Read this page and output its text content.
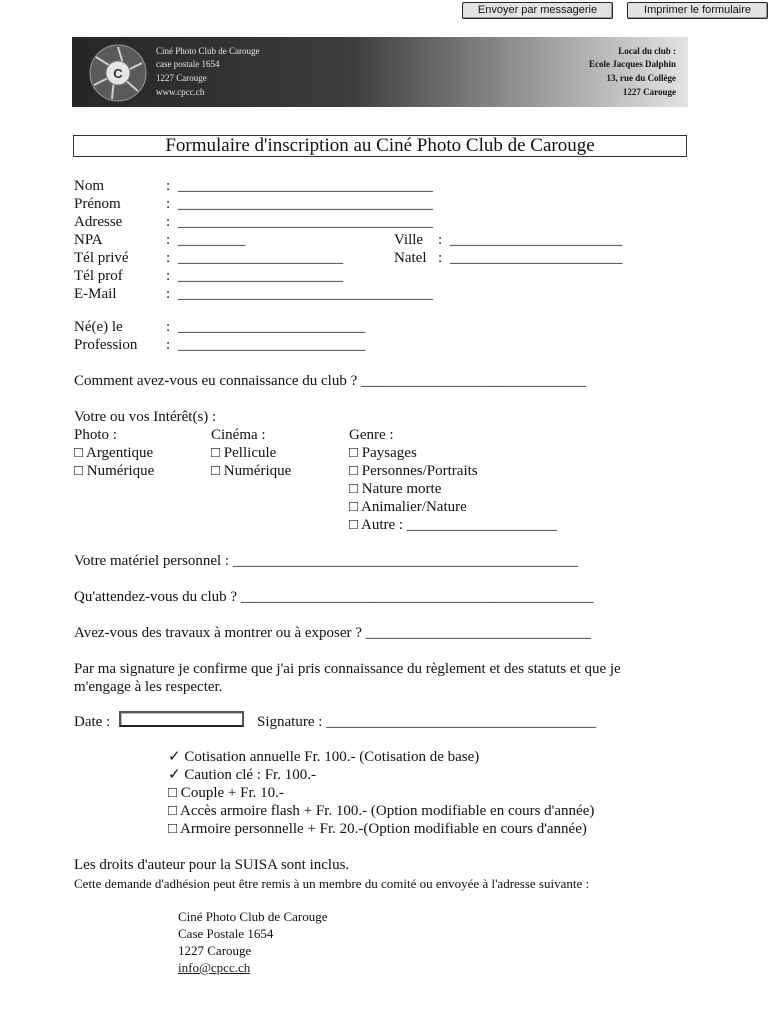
Envoyer par messagerie	Imprimer le formulaire
C
Ciné Photo Club de Carouge
case postale 1654
1227 Carouge
www.cpcc.ch
Local du club :
Ecole Jacques Dalphin
13, rue du Collège
1227 Carouge
Formulaire d'inscription au Ciné Photo Club de Carouge
Nom	: __________________________________
Prénom	: __________________________________
Adresse	: __________________________________
NPA	: _________	Ville : _______________________
Tél privé : ______________________	Natel : _______________________
Tél prof	: ______________________
E-Mail	: __________________________________
Né(e) le	: _________________________
Profession : _________________________
Comment avez-vous eu connaissance du club ? ______________________________
Votre ou vos Intérêt(s) :
Photo :
□ Argentique
□ Numérique
Cinéma :
□ Pellicule
□ Numérique
Genre :
□ Paysages
□ Personnes/Portraits
□ Nature morte
□ Animalier/Nature
□ Autre : ____________________
Votre matériel personnel : ______________________________________________
Qu'attendez-vous du club ? _______________________________________________
Avez-vous des travaux à montrer ou à exposer ? ______________________________
Par ma signature je confirme que j'ai pris connaissance du règlement et des statuts et que je
m'engage à les respecter.
Date :	Signature : ____________________________________
✓ Cotisation annuelle Fr. 100.- (Cotisation de base)
✓ Caution clé : Fr. 100.-
□ Couple + Fr. 10.-
□ Accès armoire flash + Fr. 100.- (Option modifiable en cours d'année)
□ Armoire personnelle + Fr. 20.-(Option modifiable en cours d'année)
Les droits d'auteur pour la SUISA sont inclus.
Cette demande d'adhésion peut être remis à un membre du comité ou envoyée à l'adresse suivante :
Ciné Photo Club de Carouge
Case Postale 1654
1227 Carouge
info@cpcc.ch
